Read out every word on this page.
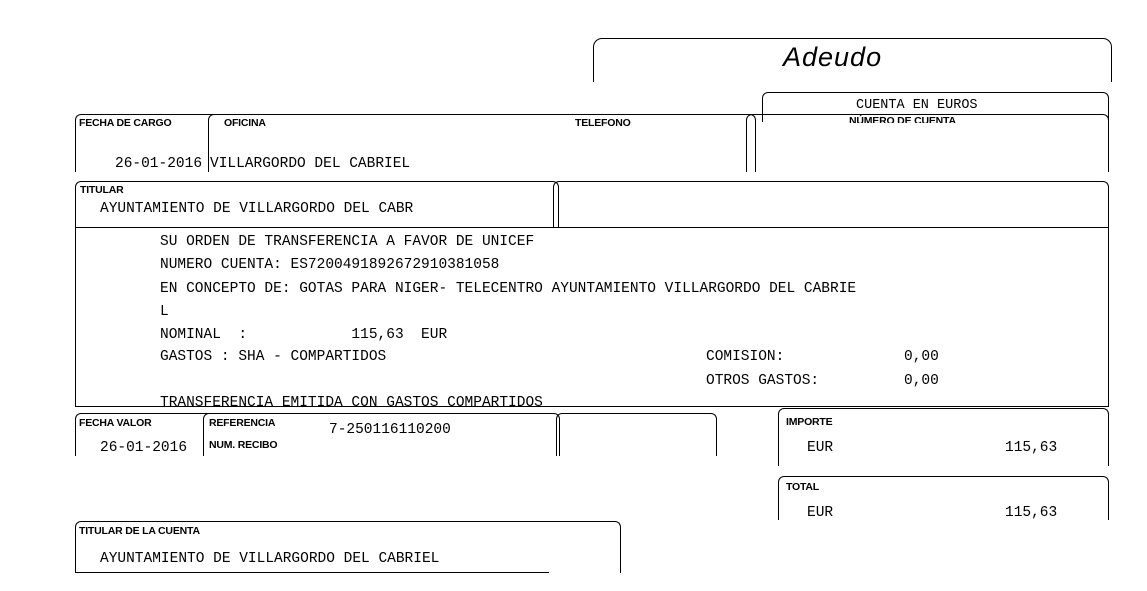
Adeudo
FECHA DE CARGO	OFICINA	TELEFONO
CUENTA EN EUROS
NÚMERO DE CUENTA
26-01-2016 VILLARGORDO DEL CABRIEL
TITULAR
AYUNTAMIENTO DE VILLARGORDO DEL CABR
SU ORDEN DE TRANSFERENCIA A FAVOR DE UNICEF
NUMERO CUENTA: ES7200491892672910381058
EN CONCEPTO DE: GOTAS PARA NIGER- TELECENTRO AYUNTAMIENTO VILLARGORDO DEL CABRIE
L
NOMINAL  :            115,63  EUR
GASTOS : SHA - COMPARTIDOS	COMISION:	0,00
OTROS GASTOS:	0,00
TRANSFERENCIA EMITIDA CON GASTOS COMPARTIDOS
FECHA VALOR	REFERENCIA	7-250116110200
26-01-2016 NUM. RECIBO
IMPORTE
EUR	115,63
TOTAL
EUR	115,63
TITULAR DE LA CUENTA
AYUNTAMIENTO DE VILLARGORDO DEL CABRIEL
